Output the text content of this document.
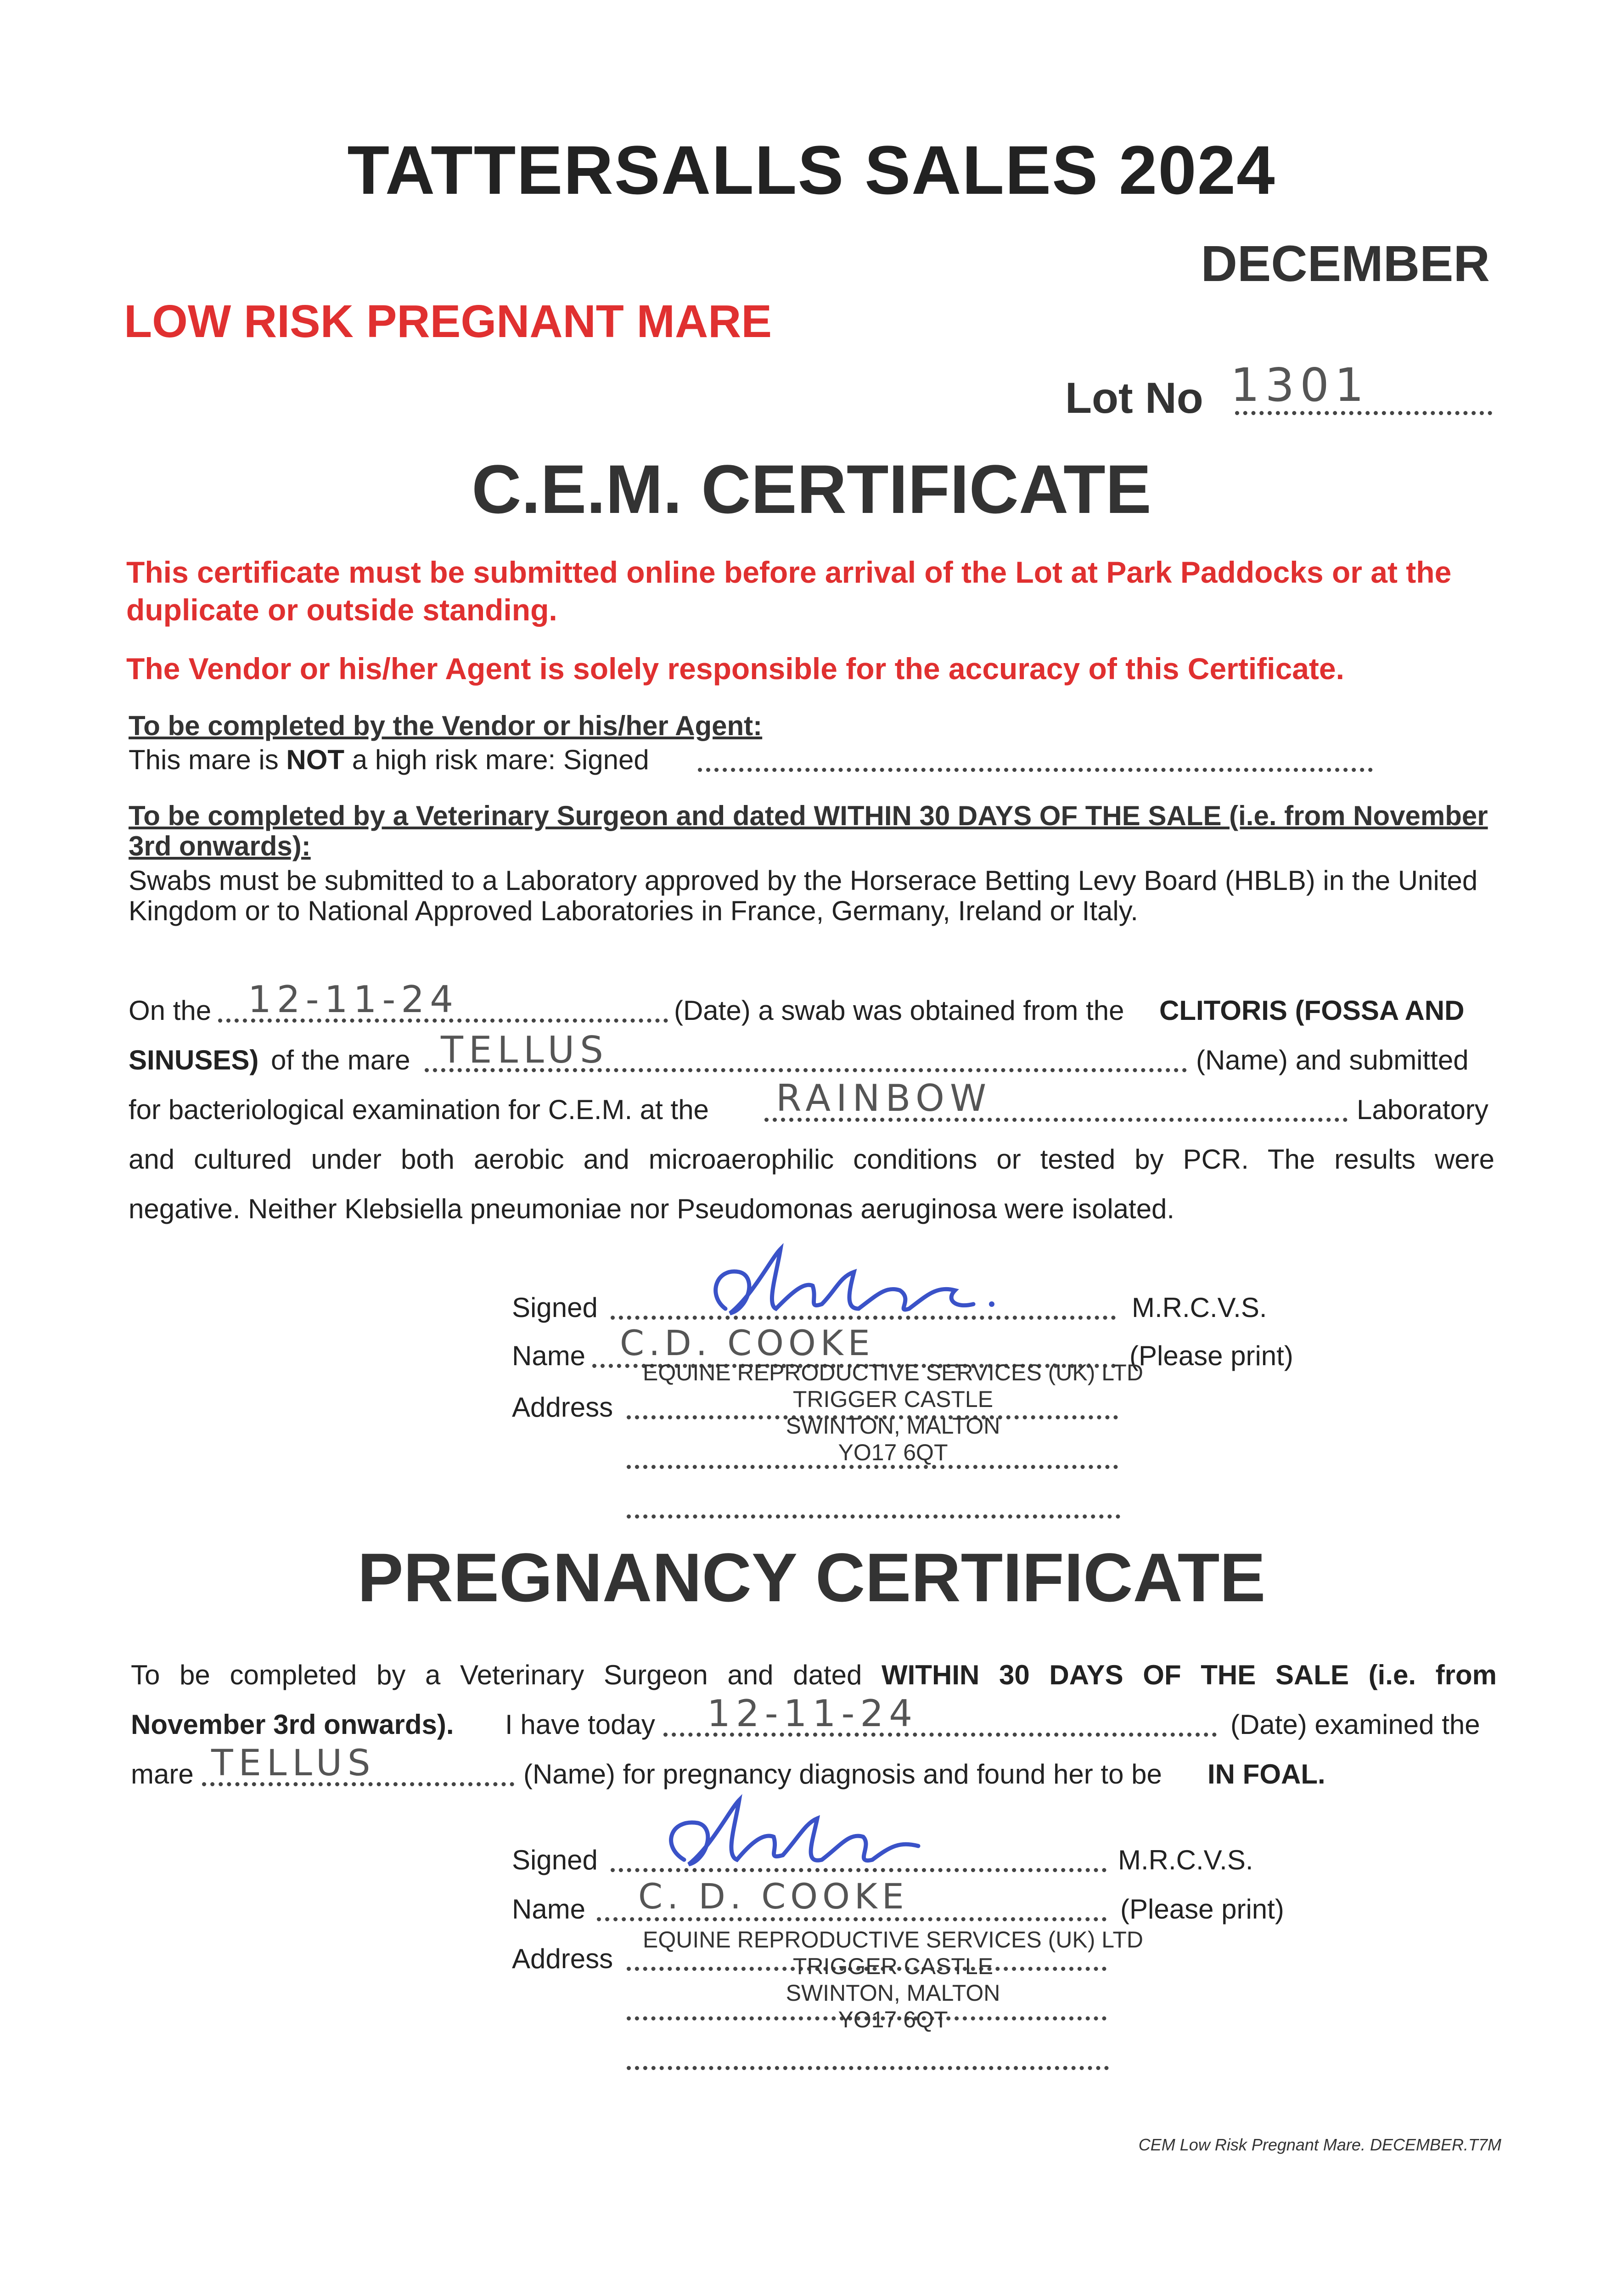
TATTERSALLS SALES 2024
DECEMBER
LOW RISK PREGNANT MARE
Lot No 1301
C.E.M. CERTIFICATE
This certificate must be submitted online before arrival of the Lot at Park Paddocks or at the duplicate or outside standing.
The Vendor or his/her Agent is solely responsible for the accuracy of this Certificate.
To be completed by the Vendor or his/her Agent:
This mare is NOT a high risk mare: Signed
To be completed by a Veterinary Surgeon and dated WITHIN 30 DAYS OF THE SALE (i.e. from November 3rd onwards):
Swabs must be submitted to a Laboratory approved by the Horserace Betting Levy Board (HBLB) in the United Kingdom or to National Approved Laboratories in France, Germany, Ireland or Italy.
On the 12-11-24	(Date) a swab was obtained from the CLITORIS (FOSSA AND
SINUSES) of the mare TELLUS	(Name) and submitted
for bacteriological examination for C.E.M. at the RAINBOW	Laboratory
and cultured under both aerobic and microaerophilic conditions or tested by PCR. The results were
negative. Neither Klebsiella pneumoniae nor Pseudomonas aeruginosa were isolated.
Signed	M.R.C.V.S.
Name C.D. COOKE	(Please print)
Address
EQUINE REPRODUCTIVE SERVICES (UK) LTD
TRIGGER CASTLE
SWINTON, MALTON
YO17 6QT
PREGNANCY CERTIFICATE
To be completed by a Veterinary Surgeon and dated WITHIN 30 DAYS OF THE SALE (i.e. from
November 3rd onwards). I have today 12-11-24	(Date) examined the
mare TELLUS	(Name) for pregnancy diagnosis and found her to be IN FOAL.
Signed	M.R.C.V.S.
Name C. D. COOKE	(Please print)
Address
EQUINE REPRODUCTIVE SERVICES (UK) LTD
TRIGGER CASTLE
SWINTON, MALTON
YO17 6QT
CEM Low Risk Pregnant Mare. DECEMBER.T7M
